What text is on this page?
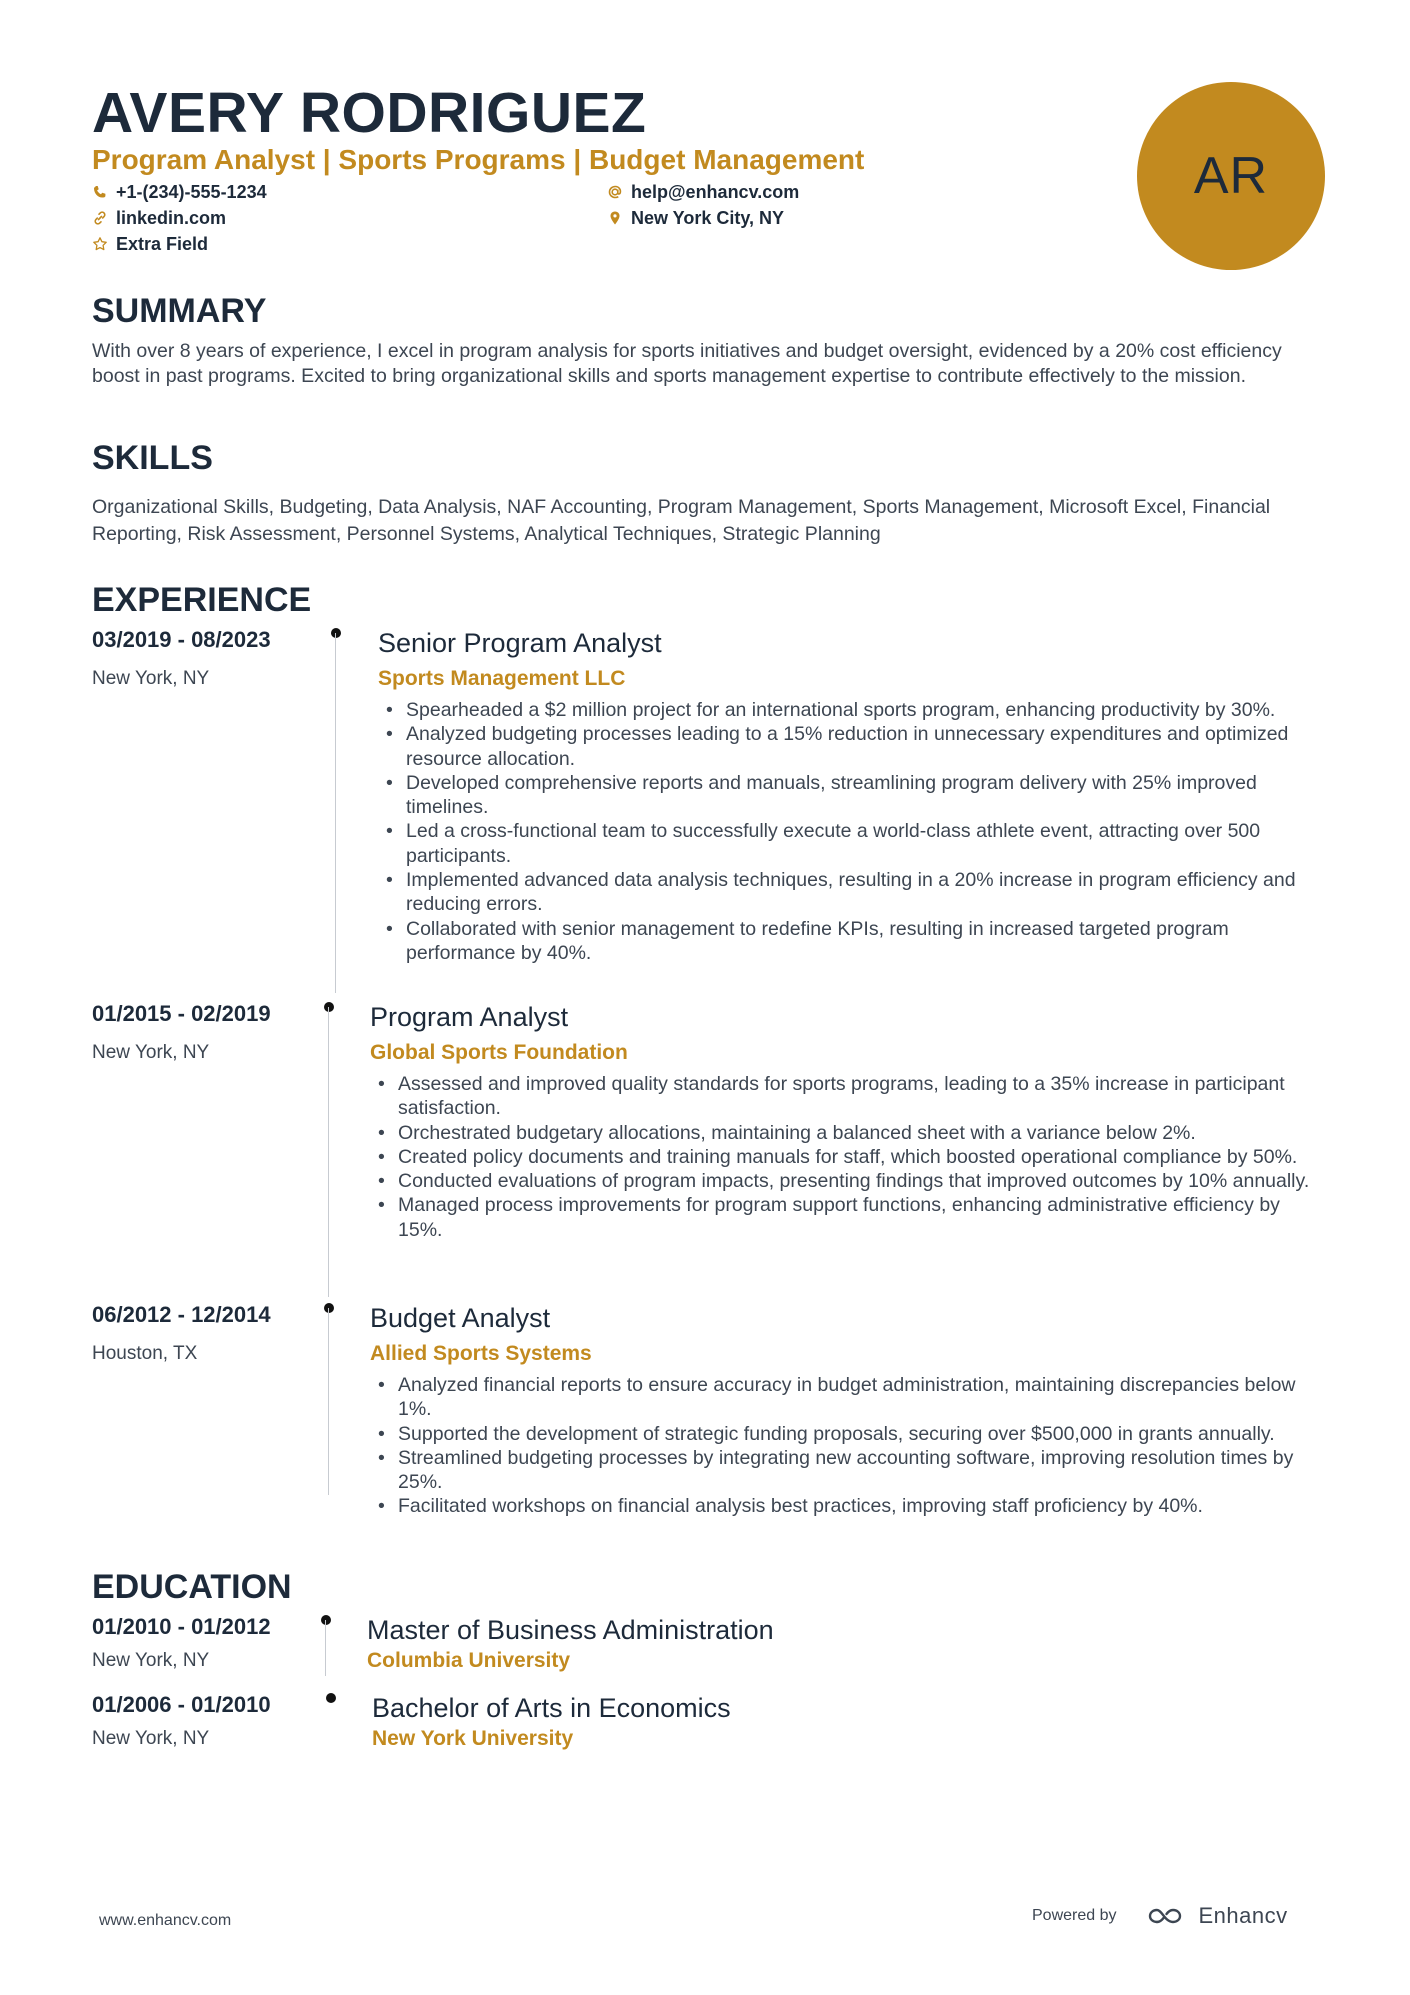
AVERY RODRIGUEZ
Program Analyst | Sports Programs | Budget Management
+1-(234)-555-1234	help@enhancv.com
linkedin.com	New York City, NY
Extra Field
AR
SUMMARY
With over 8 years of experience, I excel in program analysis for sports initiatives and budget oversight, evidenced by a 20% cost efficiency boost in past programs. Excited to bring organizational skills and sports management expertise to contribute effectively to the mission.
SKILLS
Organizational Skills, Budgeting, Data Analysis, NAF Accounting, Program Management, Sports Management, Microsoft Excel, Financial Reporting, Risk Assessment, Personnel Systems, Analytical Techniques, Strategic Planning
EXPERIENCE
03/2019 - 08/2023
New York, NY
Senior Program Analyst
Sports Management LLC
• Spearheaded a $2 million project for an international sports program, enhancing productivity by 30%.
• Analyzed budgeting processes leading to a 15% reduction in unnecessary expenditures and optimized resource allocation.
• Developed comprehensive reports and manuals, streamlining program delivery with 25% improved timelines.
• Led a cross-functional team to successfully execute a world-class athlete event, attracting over 500 participants.
• Implemented advanced data analysis techniques, resulting in a 20% increase in program efficiency and reducing errors.
• Collaborated with senior management to redefine KPIs, resulting in increased targeted program performance by 40%.
01/2015 - 02/2019
New York, NY
Program Analyst
Global Sports Foundation
• Assessed and improved quality standards for sports programs, leading to a 35% increase in participant satisfaction.
• Orchestrated budgetary allocations, maintaining a balanced sheet with a variance below 2%.
• Created policy documents and training manuals for staff, which boosted operational compliance by 50%.
• Conducted evaluations of program impacts, presenting findings that improved outcomes by 10% annually.
• Managed process improvements for program support functions, enhancing administrative efficiency by 15%.
06/2012 - 12/2014
Houston, TX
Budget Analyst
Allied Sports Systems
• Analyzed financial reports to ensure accuracy in budget administration, maintaining discrepancies below 1%.
• Supported the development of strategic funding proposals, securing over $500,000 in grants annually.
• Streamlined budgeting processes by integrating new accounting software, improving resolution times by 25%.
• Facilitated workshops on financial analysis best practices, improving staff proficiency by 40%.
EDUCATION
01/2010 - 01/2012
New York, NY
Master of Business Administration
Columbia University
01/2006 - 01/2010
New York, NY
Bachelor of Arts in Economics
New York University
www.enhancv.com	Powered by	Enhancv
